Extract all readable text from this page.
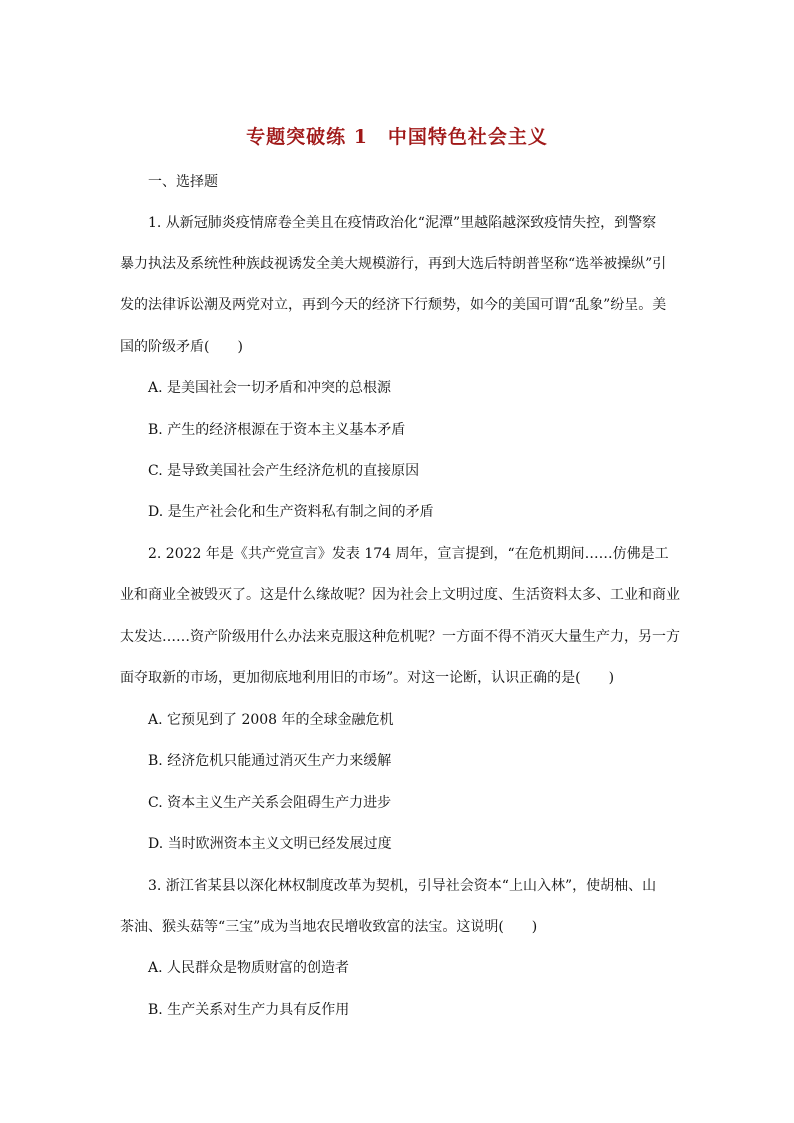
专题突破练 1　中国特色社会主义
一、选择题
1. 从新冠肺炎疫情席卷全美且在疫情政治化“泥潭”里越陷越深致疫情失控，到警察
暴力执法及系统性种族歧视诱发全美大规模游行，再到大选后特朗普坚称“选举被操纵”引
发的法律诉讼潮及两党对立，再到今天的经济下行颓势，如今的美国可谓“乱象”纷呈。美
国的阶级矛盾(　　)
A. 是美国社会一切矛盾和冲突的总根源
B. 产生的经济根源在于资本主义基本矛盾
C. 是导致美国社会产生经济危机的直接原因
D. 是生产社会化和生产资料私有制之间的矛盾
2. 2022 年是《共产党宣言》发表 174 周年，宣言提到，“在危机期间……仿佛是工
业和商业全被毁灭了。这是什么缘故呢？因为社会上文明过度、生活资料太多、工业和商业
太发达……资产阶级用什么办法来克服这种危机呢？一方面不得不消灭大量生产力，另一方
面夺取新的市场，更加彻底地利用旧的市场”。对这一论断，认识正确的是(　　)
A. 它预见到了 2008 年的全球金融危机
B. 经济危机只能通过消灭生产力来缓解
C. 资本主义生产关系会阻碍生产力进步
D. 当时欧洲资本主义文明已经发展过度
3. 浙江省某县以深化林权制度改革为契机，引导社会资本“上山入林”，使胡柚、山
茶油、猴头菇等“三宝”成为当地农民增收致富的法宝。这说明(　　)
A. 人民群众是物质财富的创造者
B. 生产关系对生产力具有反作用
